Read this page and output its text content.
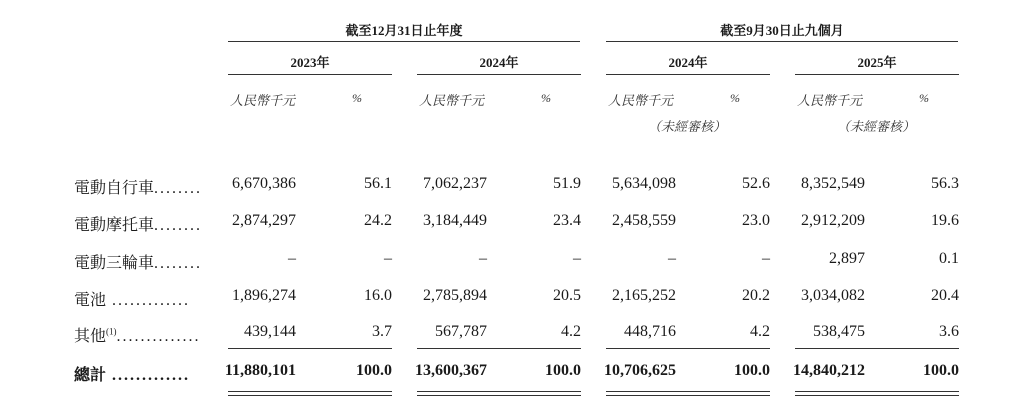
截至12月31日止年度	截至9月30日止九個月
2023年	2024年	2024年	2025年
人民幣千元	%	人民幣千元	%	人民幣千元	%	人民幣千元	%
（未經審核）	（未經審核）
電動自行車........	6,670,386	56.1	7,062,237	51.9	5,634,098	52.6	8,352,549	56.3
電動摩托車........	2,874,297	24.2	3,184,449	23.4	2,458,559	23.0	2,912,209	19.6
電動三輪車........	–	–	–	–	–	–	2,897	0.1
電池 .............	1,896,274	16.0	2,785,894	20.5	2,165,252	20.2	3,034,082	20.4
其他$^{(1)}$..............	439,144	3.7	567,787	4.2	448,716	4.2	538,475	3.6
總計 .............	11,880,101	100.0	13,600,367	100.0	10,706,625	100.0	14,840,212	100.0
